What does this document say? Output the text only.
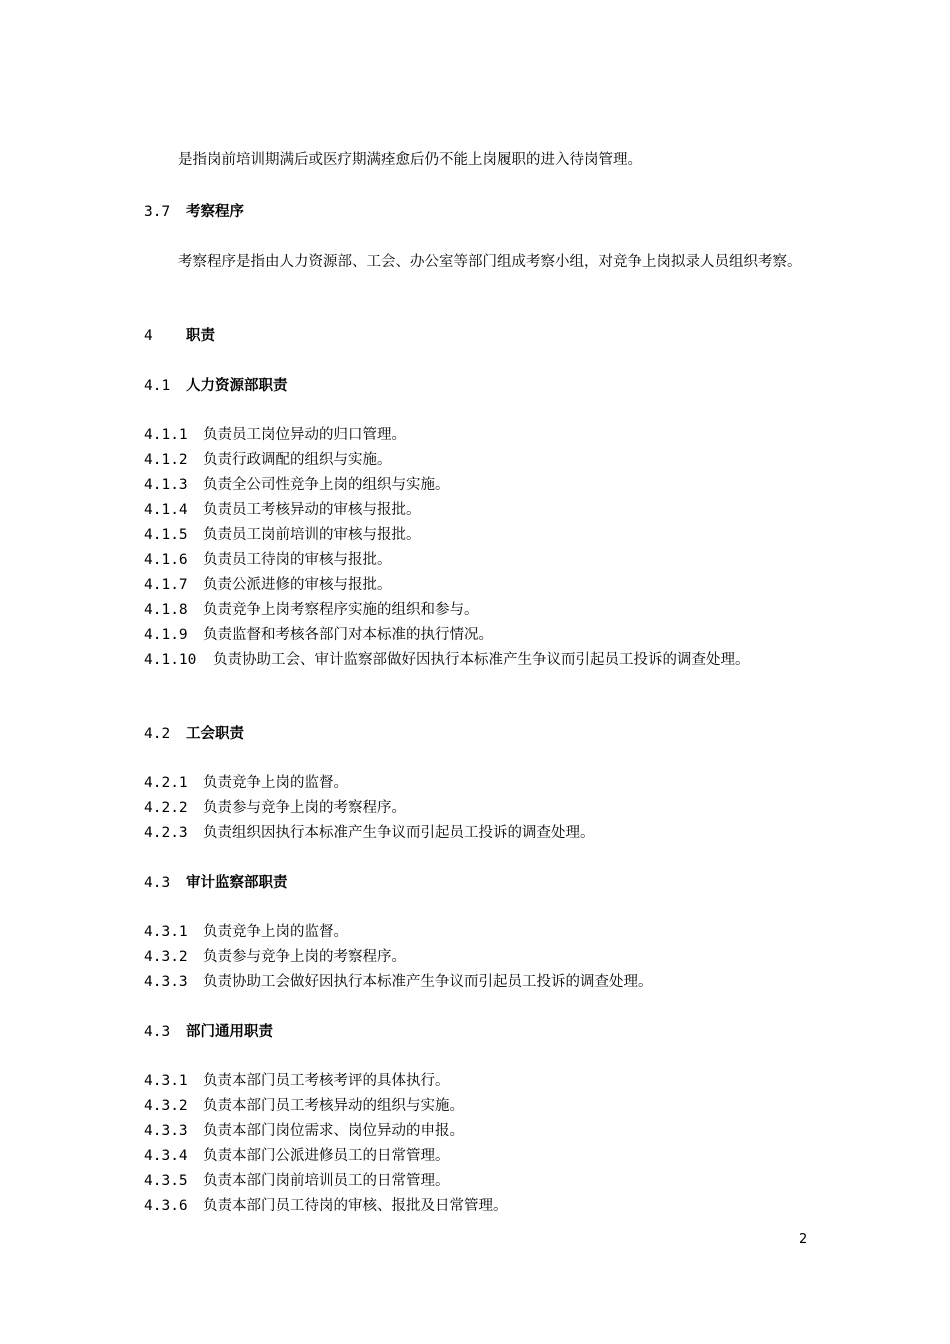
是指岗前培训期满后或医疗期满痊愈后仍不能上岗履职的进入待岗管理。
3.7 考察程序
考察程序是指由人力资源部、工会、办公室等部门组成考察小组，对竞争上岗拟录人员组织考察。
4 职责
4.1 人力资源部职责
4.1.1 负责员工岗位异动的归口管理。
4.1.2 负责行政调配的组织与实施。
4.1.3 负责全公司性竞争上岗的组织与实施。
4.1.4 负责员工考核异动的审核与报批。
4.1.5 负责员工岗前培训的审核与报批。
4.1.6 负责员工待岗的审核与报批。
4.1.7 负责公派进修的审核与报批。
4.1.8 负责竞争上岗考察程序实施的组织和参与。
4.1.9 负责监督和考核各部门对本标准的执行情况。
4.1.10 负责协助工会、审计监察部做好因执行本标准产生争议而引起员工投诉的调查处理。
4.2 工会职责
4.2.1 负责竞争上岗的监督。
4.2.2 负责参与竞争上岗的考察程序。
4.2.3 负责组织因执行本标准产生争议而引起员工投诉的调查处理。
4.3 审计监察部职责
4.3.1 负责竞争上岗的监督。
4.3.2 负责参与竞争上岗的考察程序。
4.3.3 负责协助工会做好因执行本标准产生争议而引起员工投诉的调查处理。
4.3 部门通用职责
4.3.1 负责本部门员工考核考评的具体执行。
4.3.2 负责本部门员工考核异动的组织与实施。
4.3.3 负责本部门岗位需求、岗位异动的申报。
4.3.4 负责本部门公派进修员工的日常管理。
4.3.5 负责本部门岗前培训员工的日常管理。
4.3.6 负责本部门员工待岗的审核、报批及日常管理。
2
